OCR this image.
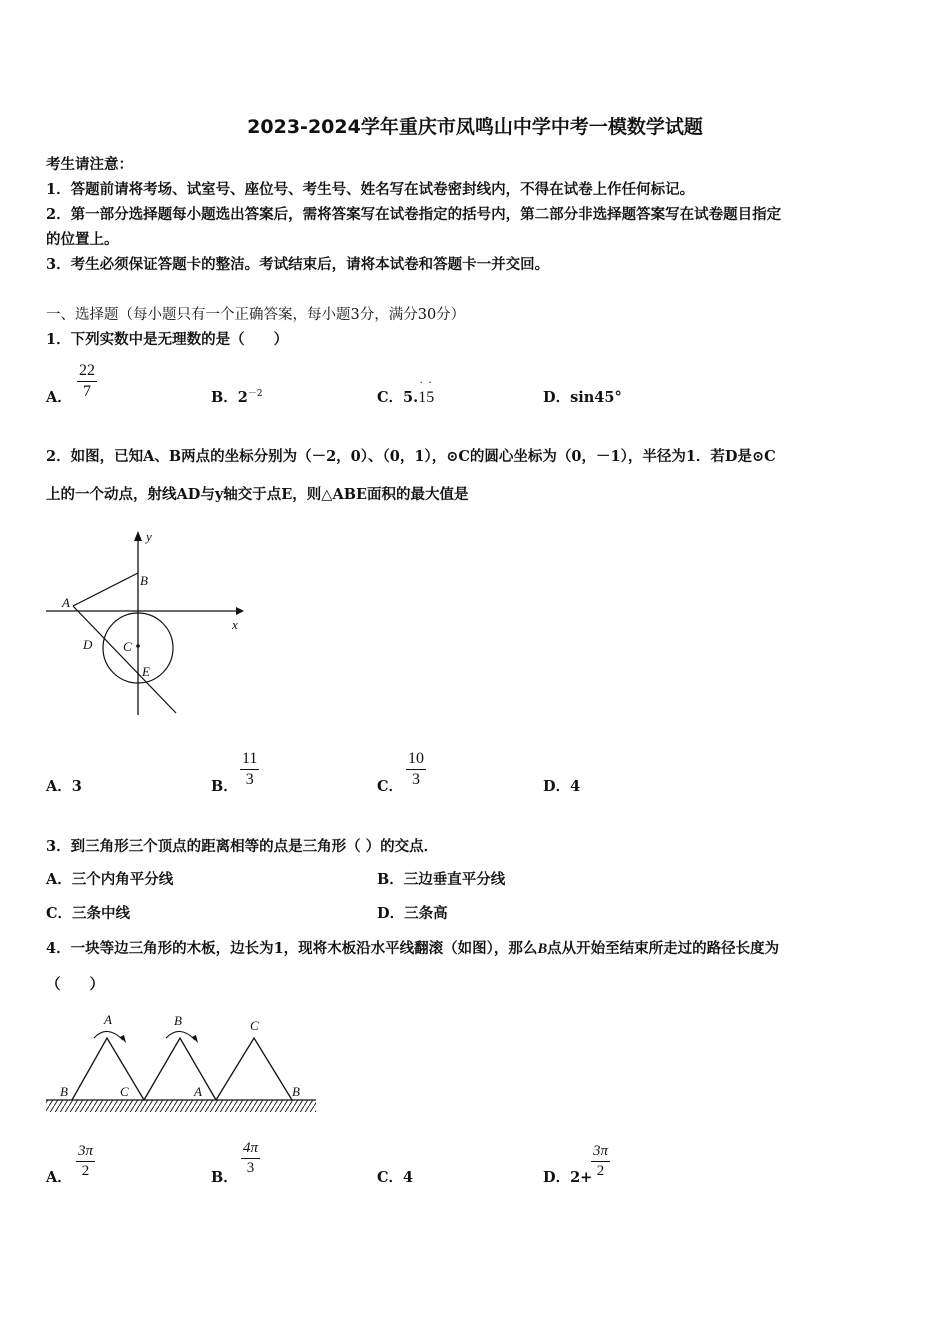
2023-2024学年重庆市凤鸣山中学中考一模数学试题
考生请注意：
1．答题前请将考场、试室号、座位号、考生号、姓名写在试卷密封线内，不得在试卷上作任何标记。
2．第一部分选择题每小题选出答案后，需将答案写在试卷指定的括号内，第二部分非选择题答案写在试卷题目指定
的位置上。
3．考生必须保证答题卡的整洁。考试结束后，请将本试卷和答题卡一并交回。
一、选择题（每小题只有一个正确答案，每小题3分，满分30分）
1．下列实数中是无理数的是（　　）
A． $\frac{22}{7}$	B．$2^{-2}$	C．5.15
· ·
D．sin45°
2．如图，已知A、B两点的坐标分别为（－2，0）、（0，1），⊙C的圆心坐标为（0，－1），半径为1．若D是⊙C
上的一个动点，射线AD与y轴交于点E，则△ABE面积的最大值是
y
x
A
B
C
D
E
A．3	B． $\frac{11}{3}$	C． $\frac{10}{3}$	D．4
3．到三角形三个顶点的距离相等的点是三角形（ ）的交点．
A．三个内角平分线	B．三边垂直平分线
C．三条中线	D．三条高
4．一块等边三角形的木板，边长为1，现将木板沿水平线翻滚（如图），那么B点从开始至结束所走过的路径长度为
（　　）
A	B	C
B	C	A	B
A． $\frac{3\pi}{2}$	B．
$\frac{4\pi}{3}$
C．4	D．2+
$\frac{3\pi}{2}$
